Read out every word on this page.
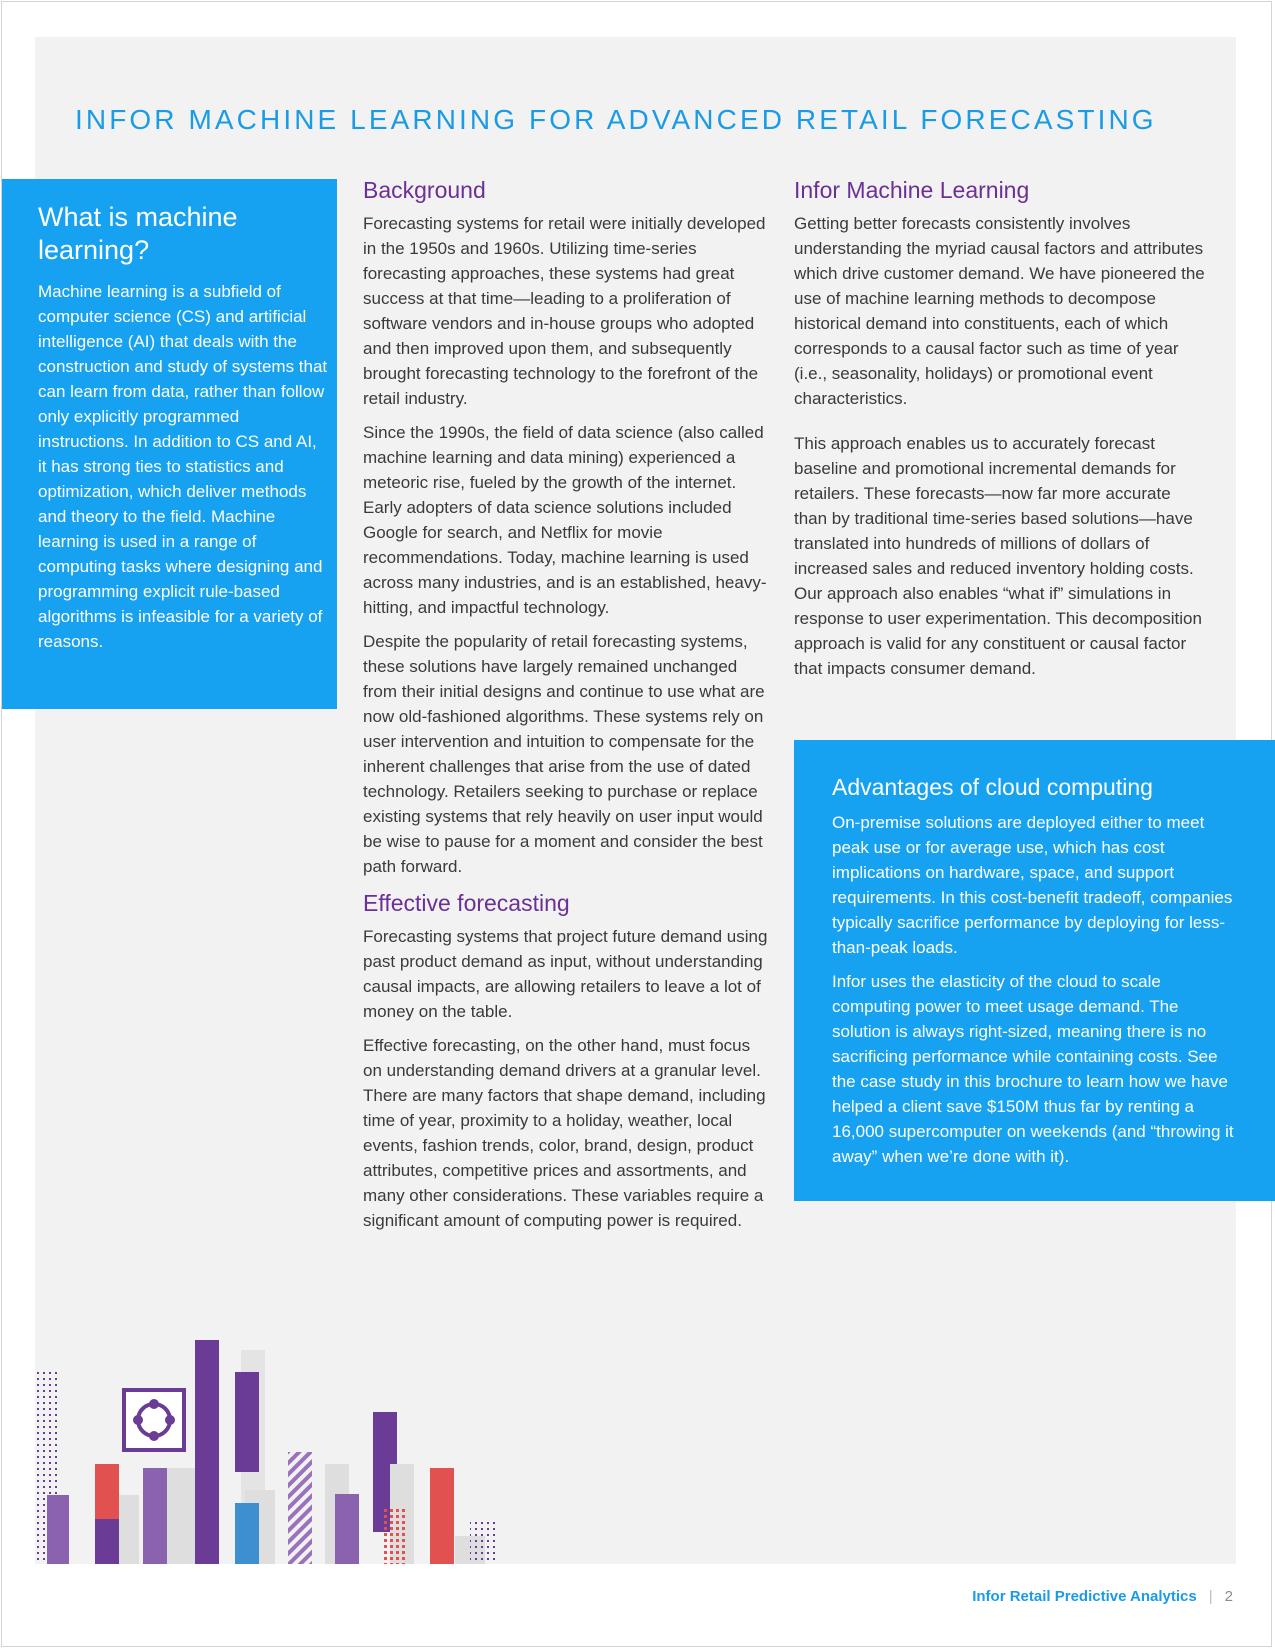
INFOR MACHINE LEARNING FOR ADVANCED RETAIL FORECASTING
What is machine learning?

Machine learning is a subfield of computer science (CS) and artificial intelligence (AI) that deals with the construction and study of systems that can learn from data, rather than follow only explicitly programmed instructions. In addition to CS and AI, it has strong ties to statistics and optimization, which deliver methods and theory to the field. Machine learning is used in a range of computing tasks where designing and programming explicit rule-based algorithms is infeasible for a variety of reasons.

Background

Forecasting systems for retail were initially developed in the 1950s and 1960s. Utilizing time-series forecasting approaches, these systems had great success at that time—leading to a proliferation of software vendors and in-house groups who adopted and then improved upon them, and subsequently brought forecasting technology to the forefront of the retail industry.

Since the 1990s, the field of data science (also called machine learning and data mining) experienced a meteoric rise, fueled by the growth of the internet. Early adopters of data science solutions included Google for search, and Netflix for movie recommendations. Today, machine learning is used across many industries, and is an established, heavy-hitting, and impactful technology.

Despite the popularity of retail forecasting systems, these solutions have largely remained unchanged from their initial designs and continue to use what are now old-fashioned algorithms. These systems rely on user intervention and intuition to compensate for the inherent challenges that arise from the use of dated technology. Retailers seeking to purchase or replace existing systems that rely heavily on user input would be wise to pause for a moment and consider the best path forward.

Effective forecasting

Forecasting systems that project future demand using past product demand as input, without understanding causal impacts, are allowing retailers to leave a lot of money on the table.

Effective forecasting, on the other hand, must focus on understanding demand drivers at a granular level. There are many factors that shape demand, including time of year, proximity to a holiday, weather, local events, fashion trends, color, brand, design, product attributes, competitive prices and assortments, and many other considerations. These variables require a significant amount of computing power is required.

Infor Machine Learning

Getting better forecasts consistently involves understanding the myriad causal factors and attributes which drive customer demand. We have pioneered the use of machine learning methods to decompose historical demand into constituents, each of which corresponds to a causal factor such as time of year (i.e., seasonality, holidays) or promotional event characteristics.

This approach enables us to accurately forecast baseline and promotional incremental demands for retailers. These forecasts—now far more accurate than by traditional time-series based solutions—have translated into hundreds of millions of dollars of increased sales and reduced inventory holding costs. Our approach also enables “what if” simulations in response to user experimentation. This decomposition approach is valid for any constituent or causal factor that impacts consumer demand.

Advantages of cloud computing

On-premise solutions are deployed either to meet peak use or for average use, which has cost implications on hardware, space, and support requirements. In this cost-benefit tradeoff, companies typically sacrifice performance by deploying for less-than-peak loads.

Infor uses the elasticity of the cloud to scale computing power to meet usage demand. The solution is always right-sized, meaning there is no sacrificing performance while containing costs. See the case study in this brochure to learn how we have helped a client save $150M thus far by renting a 16,000 supercomputer on weekends (and “throwing it away” when we’re done with it).

Infor Retail Predictive Analytics | 2
